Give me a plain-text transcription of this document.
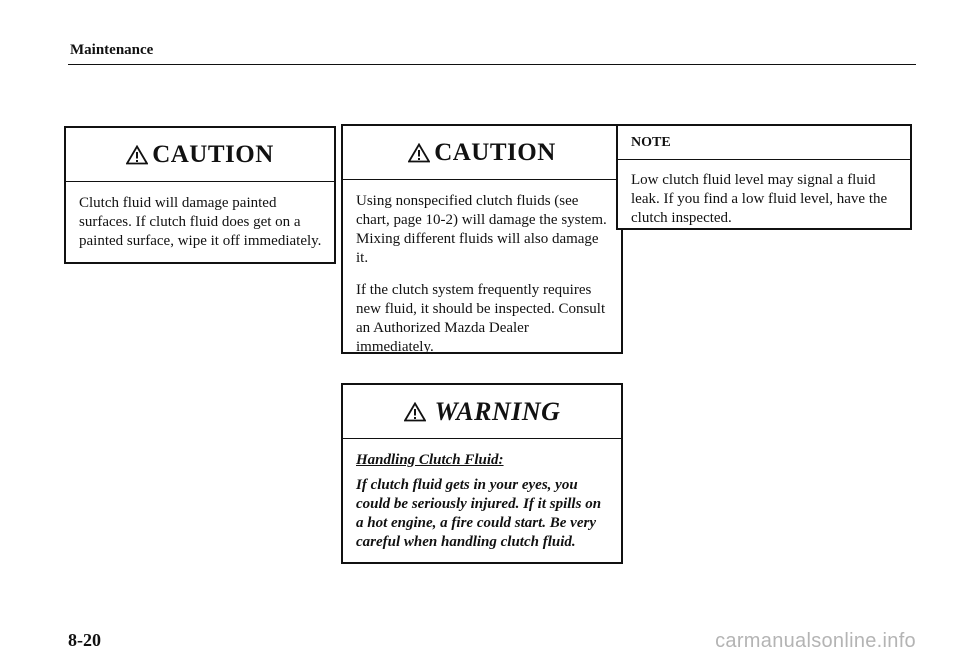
Maintenance
CAUTION

Clutch fluid will damage painted surfaces. If clutch fluid does get on a painted surface, wipe it off immediately.

CAUTION

Using nonspecified clutch fluids (see chart, page 10-2) will damage the system. Mixing different fluids will also damage it.

If the clutch system frequently requires new fluid, it should be inspected. Consult an Authorized Mazda Dealer immediately.

WARNING
Handling Clutch Fluid:

If clutch fluid gets in your eyes, you could be seriously injured. If it spills on a hot engine, a fire could start. Be very careful when handling clutch fluid.

NOTE

Low clutch fluid level may signal a fluid leak. If you find a low fluid level, have the clutch inspected.

8-20	carmanualsonline.info
